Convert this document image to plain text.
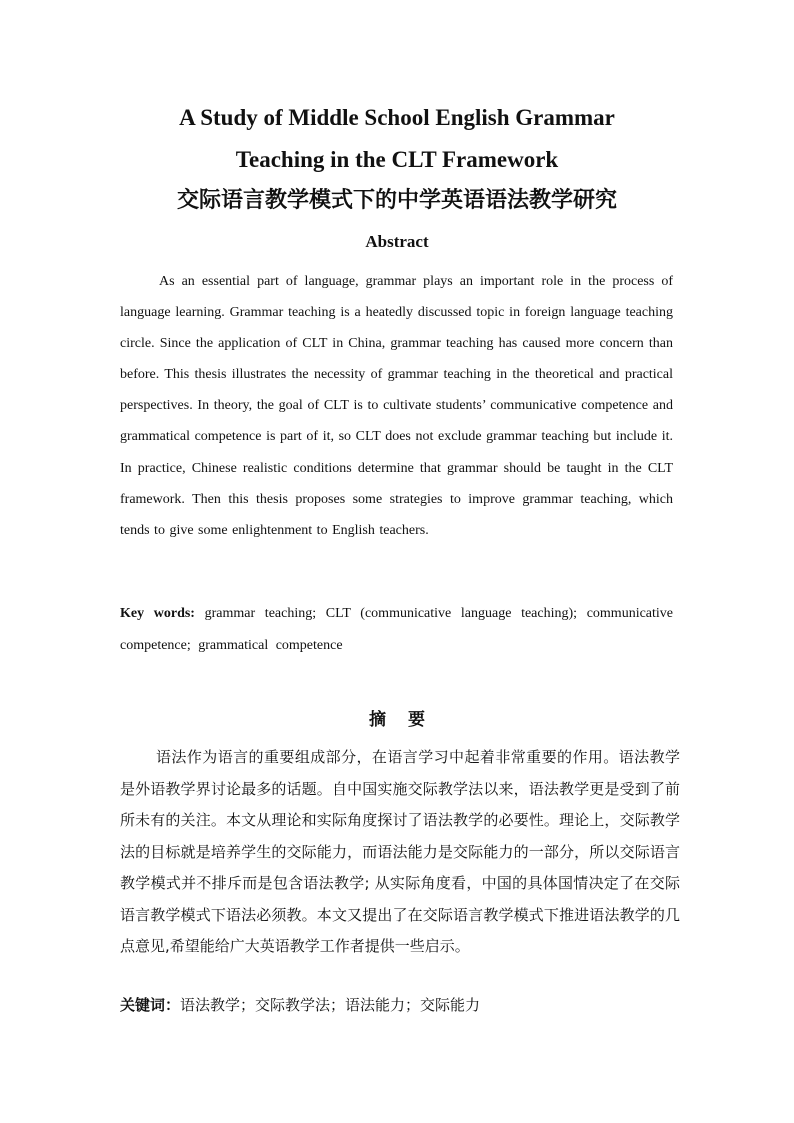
A Study of Middle School English Grammar
Teaching in the CLT Framework
交际语言教学模式下的中学英语语法教学研究
Abstract

As an essential part of language, grammar plays an important role in the process of language learning. Grammar teaching is a heatedly discussed topic in foreign language teaching circle. Since the application of CLT in China, grammar teaching has caused more concern than before. This thesis illustrates the necessity of grammar teaching in the theoretical and practical perspectives. In theory, the goal of CLT is to cultivate students’ communicative competence and grammatical competence is part of it, so CLT does not exclude grammar teaching but include it. In practice, Chinese realistic conditions determine that grammar should be taught in the CLT framework. Then this thesis proposes some strategies to improve grammar teaching, which tends to give some enlightenment to English teachers.

Key words: grammar teaching; CLT (communicative language teaching); communicative competence; grammatical competence

摘要

语法作为语言的重要组成部分，在语言学习中起着非常重要的作用。语法教学是外语教学界讨论最多的话题。自中国实施交际教学法以来，语法教学更是受到了前所未有的关注。本文从理论和实际角度探讨了语法教学的必要性。理论上，交际教学法的目标就是培养学生的交际能力，而语法能力是交际能力的一部分，所以交际语言教学模式并不排斥而是包含语法教学; 从实际角度看，中国的具体国情决定了在交际语言教学模式下语法必须教。本文又提出了在交际语言教学模式下推进语法教学的几点意见,希望能给广大英语教学工作者提供一些启示。

关键词：语法教学；交际教学法；语法能力；交际能力
